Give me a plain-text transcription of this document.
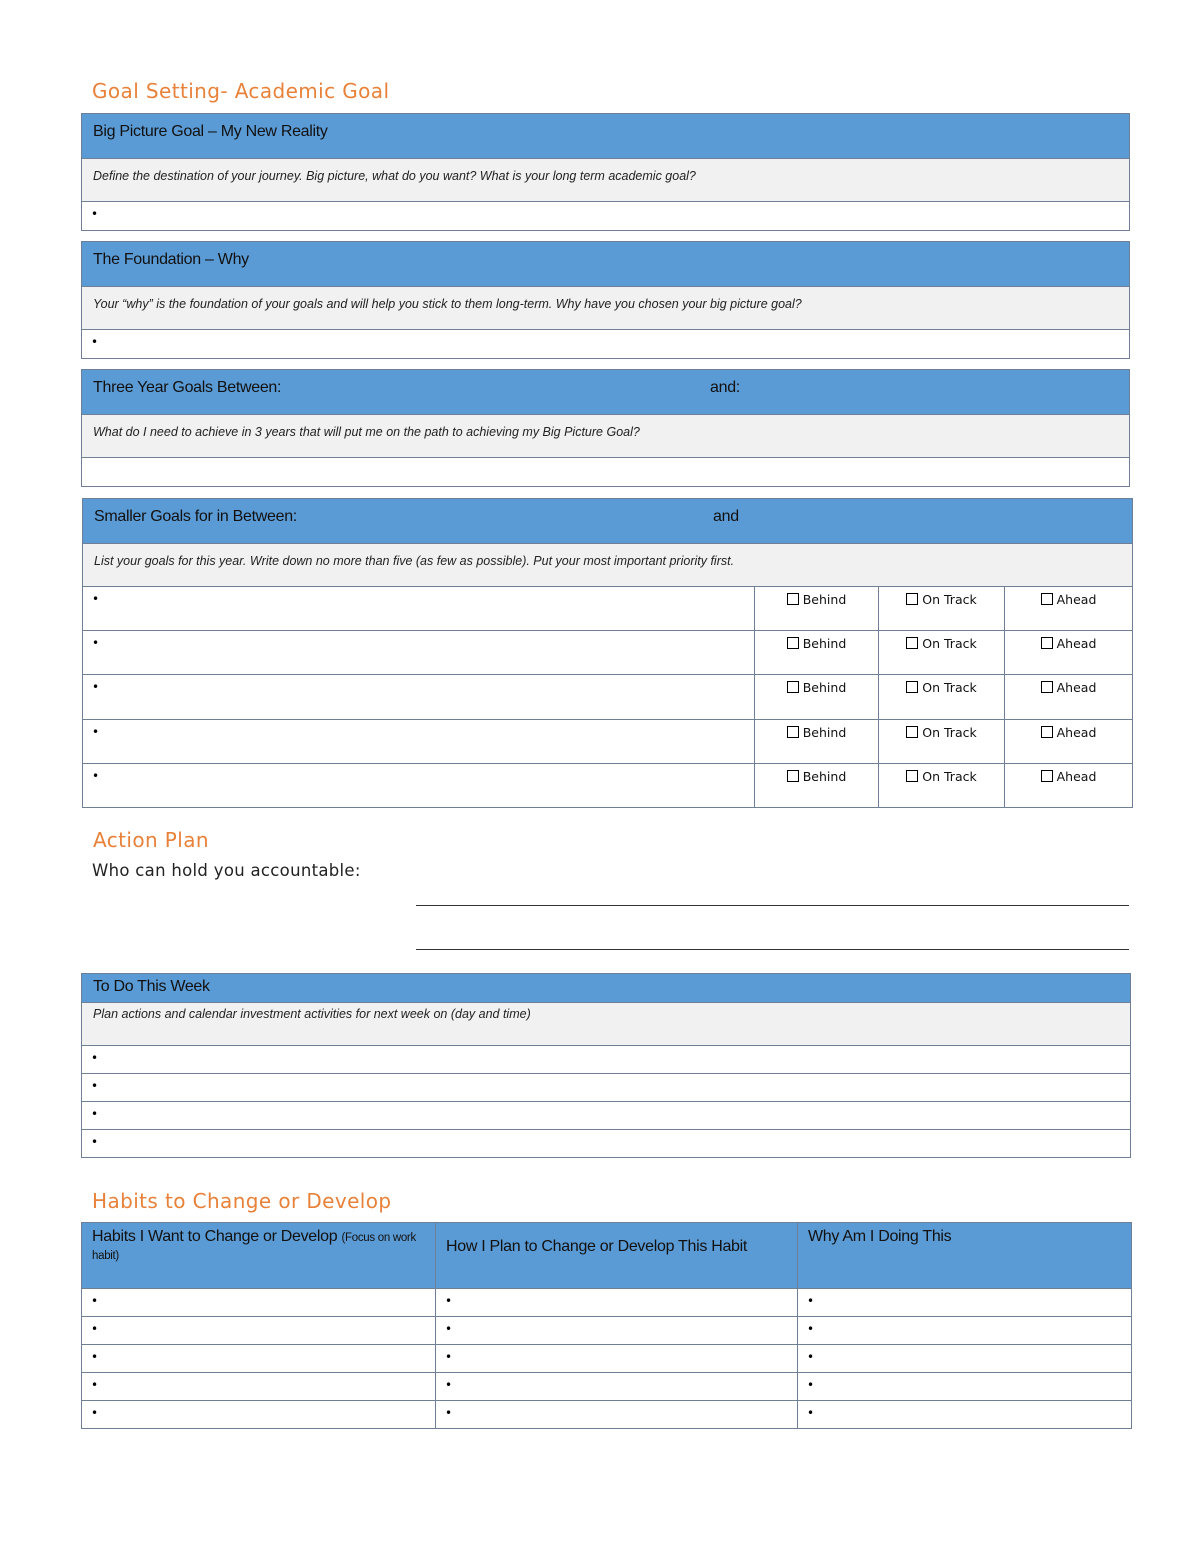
Goal Setting- Academic Goal
Big Picture Goal – My New Reality
Define the destination of your journey. Big picture, what do you want? What is your long term academic goal?
•
The Foundation – Why
Your “why” is the foundation of your goals and will help you stick to them long-term. Why have you chosen your big picture goal?
•
Three Year Goals Between:	and:

What do I need to achieve in 3 years that will put me on the path to achieving my Big Picture Goal?

Smaller Goals for in Between: and			

List your goals for this year. Write down no more than five (as few as possible). Put your most important priority first.			
•	Behind	On Track	Ahead
•	Behind	On Track	Ahead
•	Behind	On Track	Ahead
•	Behind	On Track	Ahead
•	Behind	On Track	Ahead
Action Plan
Who can hold you accountable:
To Do This Week
Plan actions and calendar investment activities for next week on (day and time)
•
•
•
•
Habits to Change or Develop
Habits I Want to Change or Develop (Focus on work habit)	How I Plan to Change or Develop This Habit	Why Am I Doing This
•	•	•
•	•	•
•	•	•
•	•	•
•	•	•
